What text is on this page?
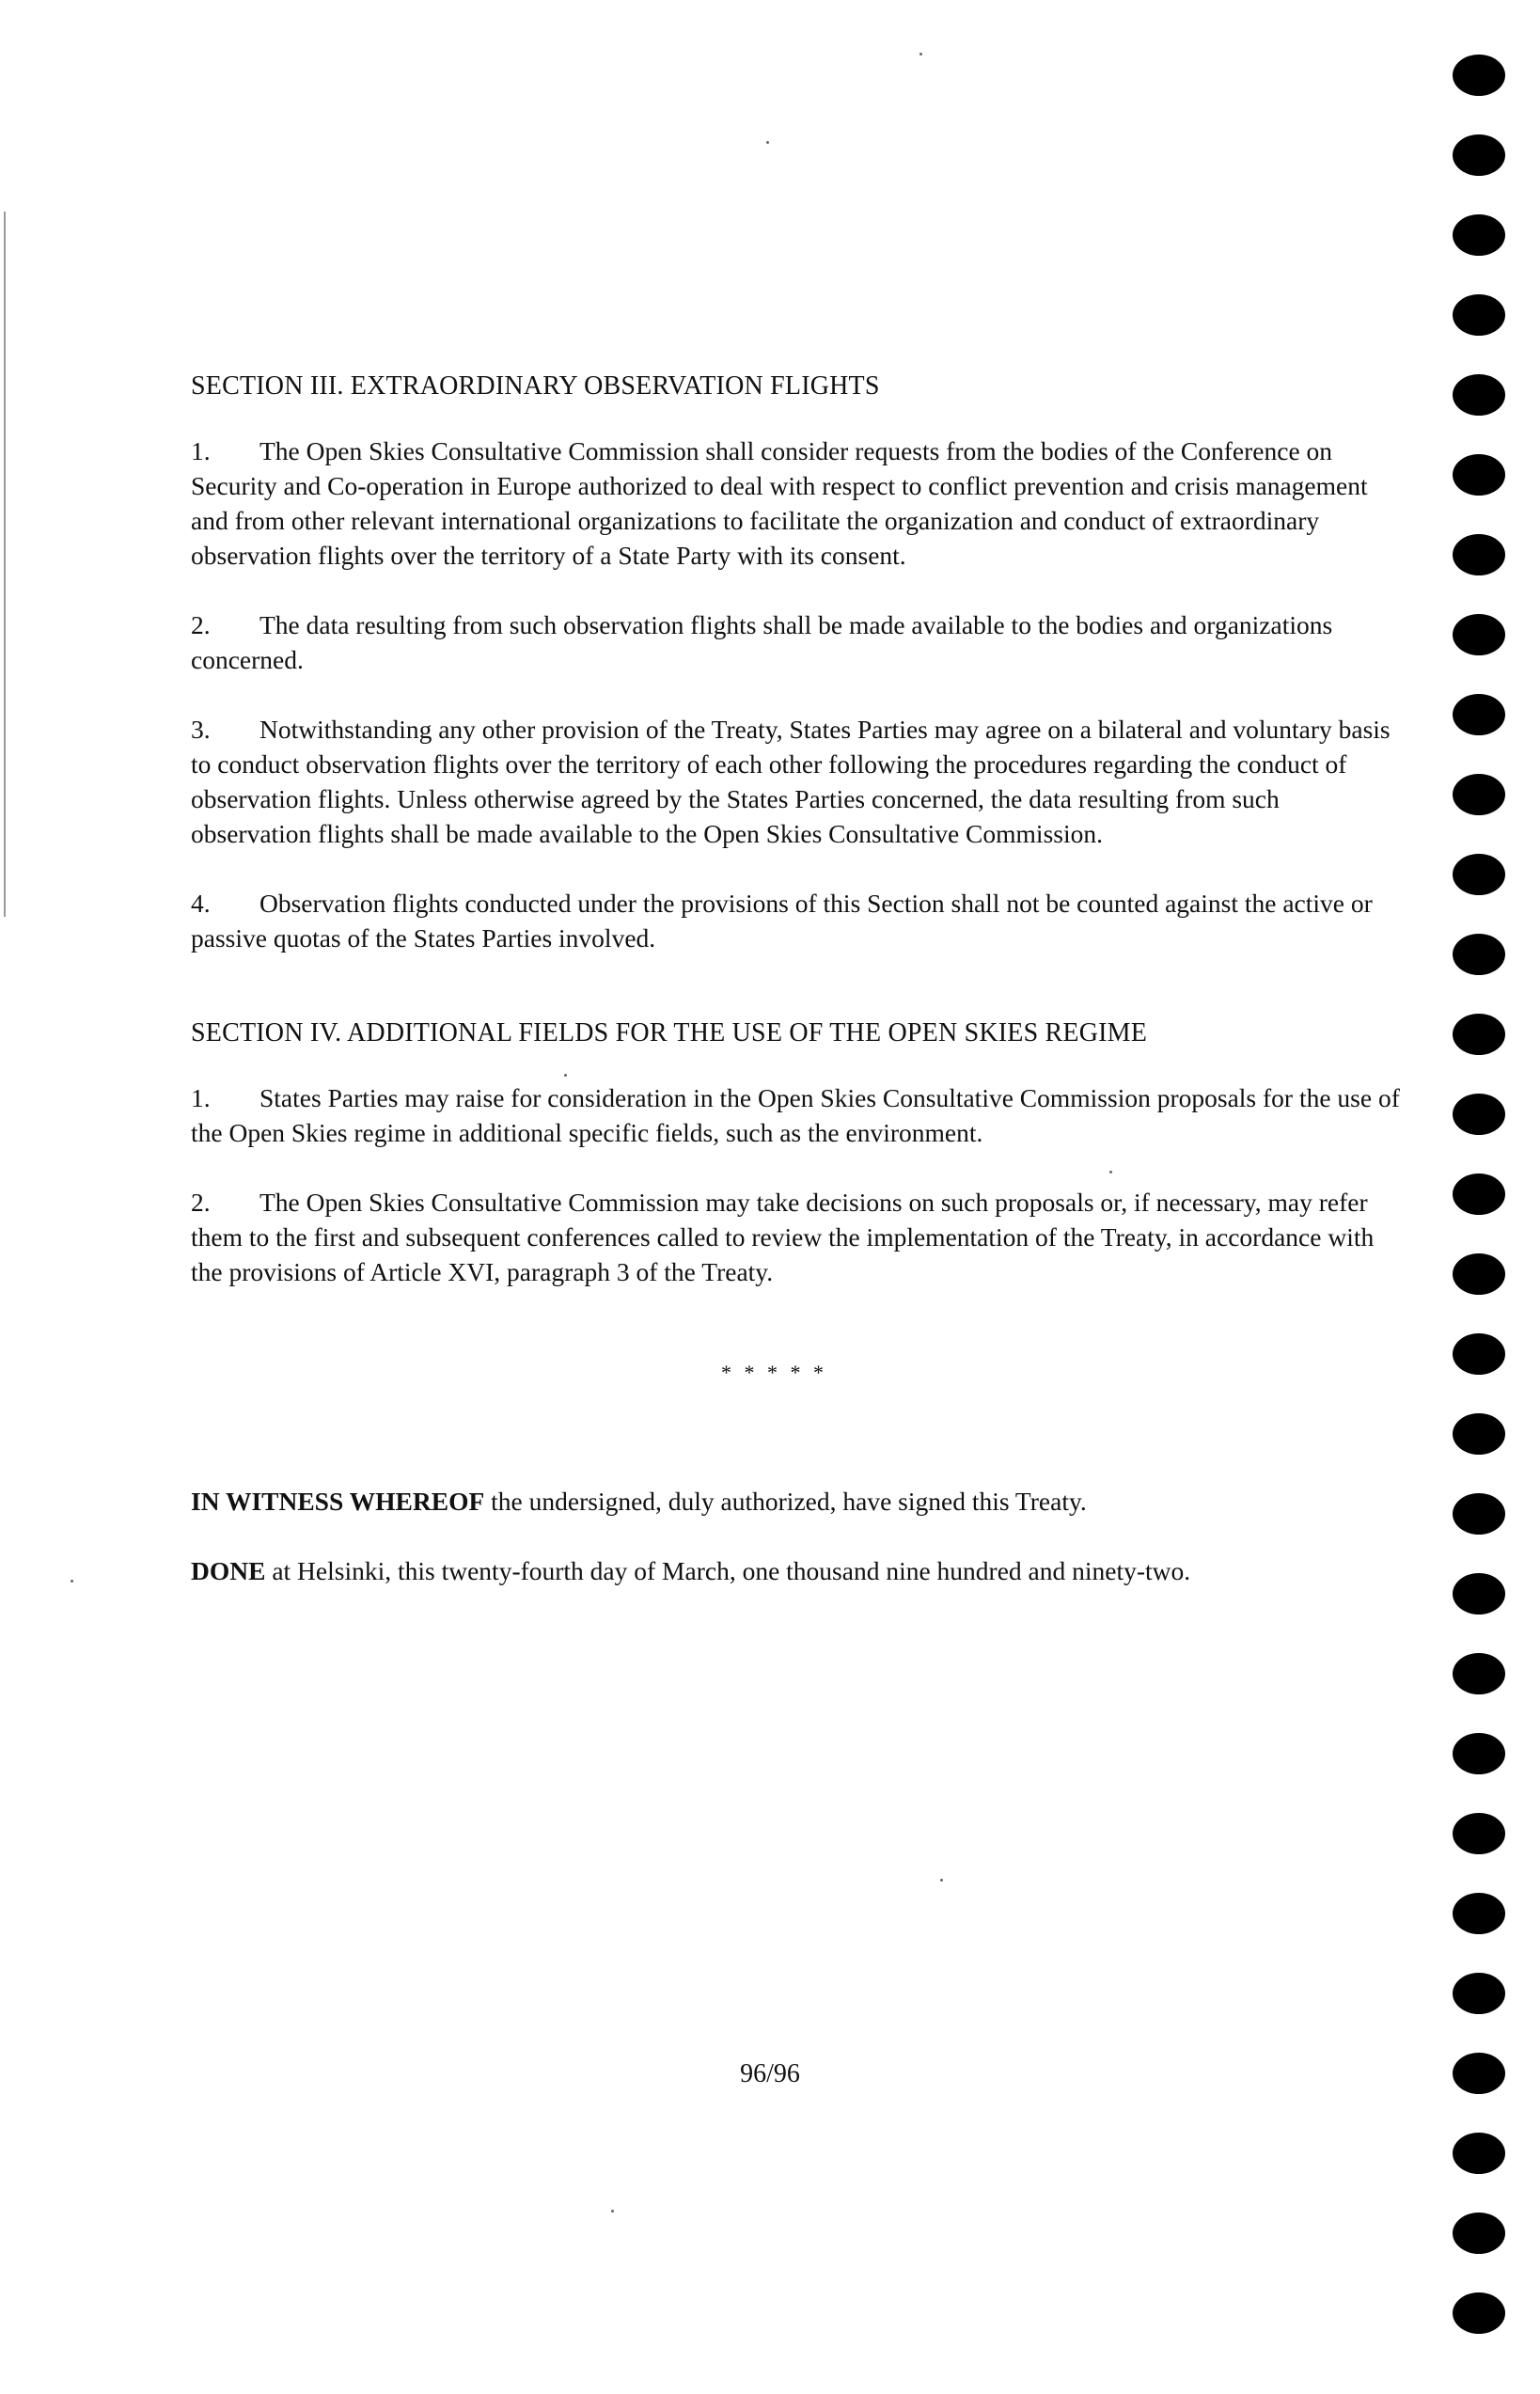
SECTION III. EXTRAORDINARY OBSERVATION FLIGHTS

1. The Open Skies Consultative Commission shall consider requests from the bodies of the Conference on Security and Co-operation in Europe authorized to deal with respect to conflict prevention and crisis management and from other relevant international organizations to facilitate the organization and conduct of extraordinary observation flights over the territory of a State Party with its consent.

2. The data resulting from such observation flights shall be made available to the bodies and organizations concerned.

3. Notwithstanding any other provision of the Treaty, States Parties may agree on a bilateral and voluntary basis to conduct observation flights over the territory of each other following the procedures regarding the conduct of observation flights. Unless otherwise agreed by the States Parties concerned, the data resulting from such observation flights shall be made available to the Open Skies Consultative Commission.

4. Observation flights conducted under the provisions of this Section shall not be counted against the active or passive quotas of the States Parties involved.

SECTION IV. ADDITIONAL FIELDS FOR THE USE OF THE OPEN SKIES REGIME

1. States Parties may raise for consideration in the Open Skies Consultative Commission proposals for the use of the Open Skies regime in additional specific fields, such as the environment.

2. The Open Skies Consultative Commission may take decisions on such proposals or, if necessary, may refer them to the first and subsequent conferences called to review the implementation of the Treaty, in accordance with the provisions of Article XVI, paragraph 3 of the Treaty.

* * * * *

IN WITNESS WHEREOF the undersigned, duly authorized, have signed this Treaty.

DONE at Helsinki, this twenty-fourth day of March, one thousand nine hundred and ninety-two.

96/96
